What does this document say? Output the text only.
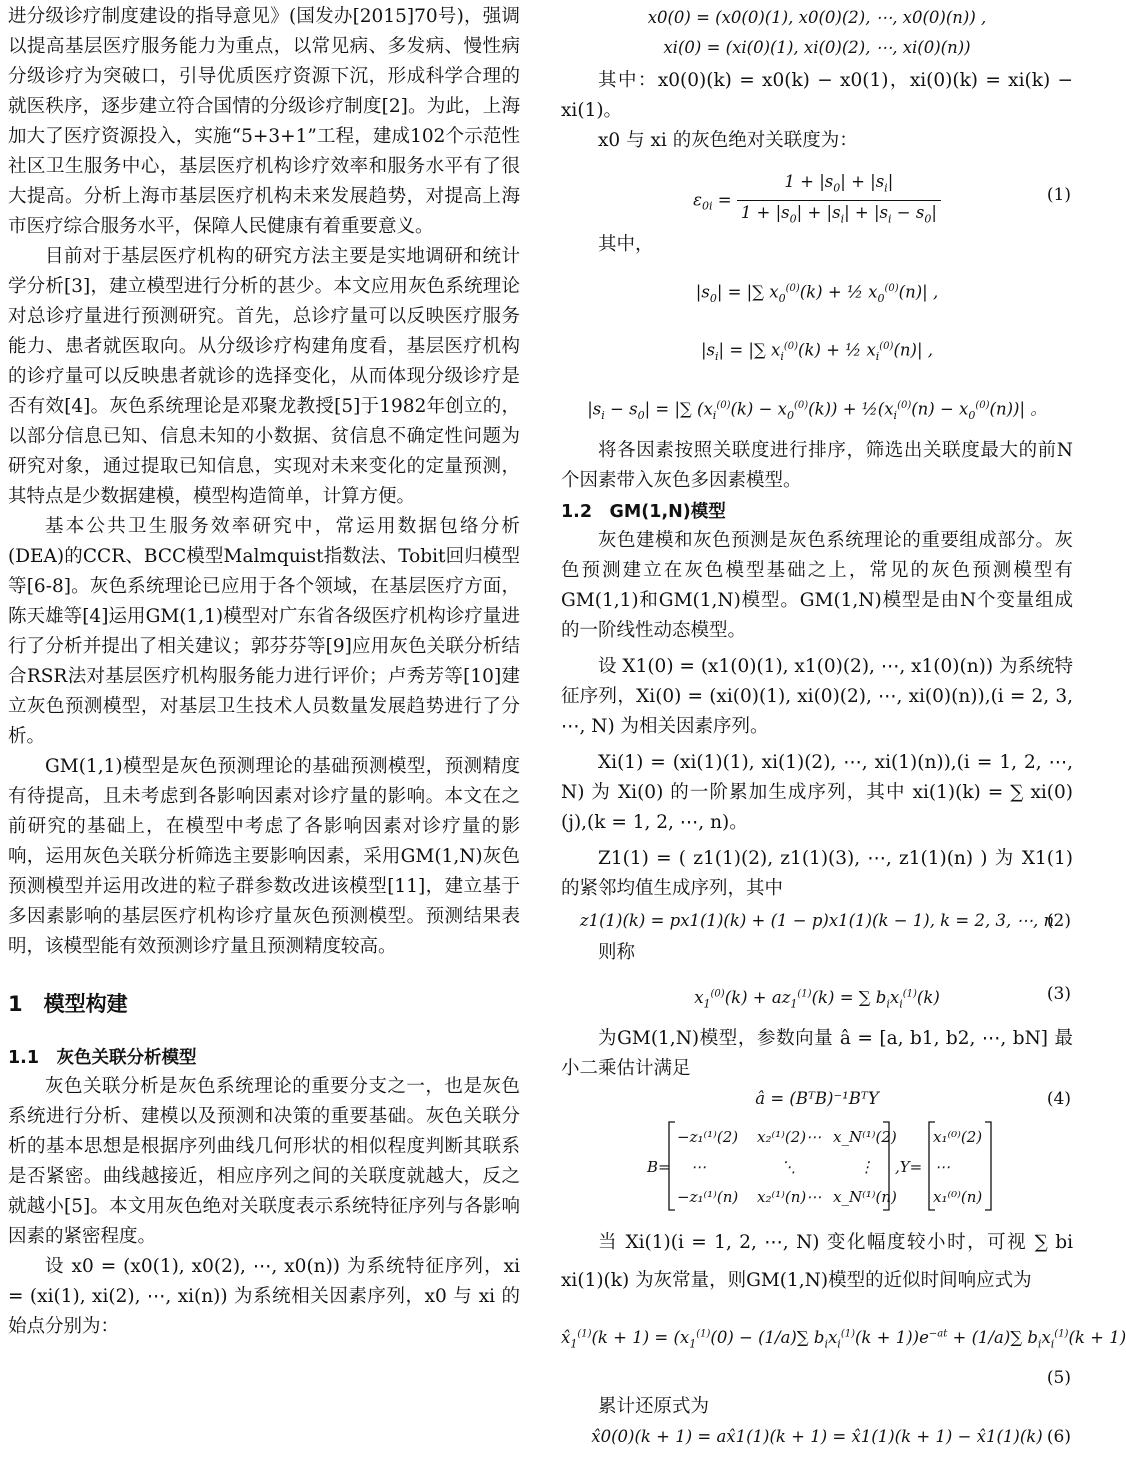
进分级诊疗制度建设的指导意见》(国发办[2015]70号)，强调以提高基层医疗服务能力为重点，以常见病、多发病、慢性病分级诊疗为突破口，引导优质医疗资源下沉，形成科学合理的就医秩序，逐步建立符合国情的分级诊疗制度[2]。为此，上海加大了医疗资源投入，实施“5+3+1”工程，建成102个示范性社区卫生服务中心，基层医疗机构诊疗效率和服务水平有了很大提高。分析上海市基层医疗机构未来发展趋势，对提高上海市医疗综合服务水平，保障人民健康有着重要意义。

目前对于基层医疗机构的研究方法主要是实地调研和统计学分析[3]，建立模型进行分析的甚少。本文应用灰色系统理论对总诊疗量进行预测研究。首先，总诊疗量可以反映医疗服务能力、患者就医取向。从分级诊疗构建角度看，基层医疗机构的诊疗量可以反映患者就诊的选择变化，从而体现分级诊疗是否有效[4]。灰色系统理论是邓聚龙教授[5]于1982年创立的，以部分信息已知、信息未知的小数据、贫信息不确定性问题为研究对象，通过提取已知信息，实现对未来变化的定量预测，其特点是少数据建模，模型构造简单，计算方便。

基本公共卫生服务效率研究中，常运用数据包络分析(DEA)的CCR、BCC模型Malmquist指数法、Tobit回归模型等[6-8]。灰色系统理论已应用于各个领域，在基层医疗方面，陈天雄等[4]运用GM(1,1)模型对广东省各级医疗机构诊疗量进行了分析并提出了相关建议；郭芬芬等[9]应用灰色关联分析结合RSR法对基层医疗机构服务能力进行评价；卢秀芳等[10]建立灰色预测模型，对基层卫生技术人员数量发展趋势进行了分析。

GM(1,1)模型是灰色预测理论的基础预测模型，预测精度有待提高，且未考虑到各影响因素对诊疗量的影响。本文在之前研究的基础上，在模型中考虑了各影响因素对诊疗量的影响，运用灰色关联分析筛选主要影响因素，采用GM(1,N)灰色预测模型并运用改进的粒子群参数改进该模型[11]，建立基于多因素影响的基层医疗机构诊疗量灰色预测模型。预测结果表明，该模型能有效预测诊疗量且预测精度较高。

1　模型构建
1.1　灰色关联分析模型

灰色关联分析是灰色系统理论的重要分支之一，也是灰色系统进行分析、建模以及预测和决策的重要基础。灰色关联分析的基本思想是根据序列曲线几何形状的相似程度判断其联系是否紧密。曲线越接近，相应序列之间的关联度就越大，反之就越小[5]。本文用灰色绝对关联度表示系统特征序列与各影响因素的紧密程度。

设 x0 = (x0(1), x0(2), ⋯, x0(n)) 为系统特征序列，xi = (xi(1), xi(2), ⋯, xi(n)) 为系统相关因素序列，x0 与 xi 的始点分别为：

x0(0) = (x0(0)(1), x0(0)(2), ⋯, x0(0)(n)) ,
xi(0) = (xi(0)(1), xi(0)(2), ⋯, xi(0)(n))

其中：x0(0)(k) = x0(k) − x0(1)，xi(0)(k) = xi(k) − xi(1)。

x0 与 xi 的灰色绝对关联度为：

$\varepsilon_{0i} = \frac{1 + |s_0| + |s_i|}{1 + |s_0| + |s_i| + |s_i - s_0|}$	(1)

其中，

$|s_0|$ = |∑ $x_0^{(0)}(k)$ + ½ $x_0^{(0)}(n)|$ ,
$|s_i|$ = |∑ $x_i^{(0)}(k)$ + ½ $x_i^{(0)}(n)|$ ,
$|s_i - s_0|$ = |∑ $(x_i^{(0)}(k) - x_0^{(0)}(k))$ + $\frac{1}{2}(x_i^{(0)}(n) - x_0^{(0)}(n))|$ 。

将各因素按照关联度进行排序，筛选出关联度最大的前N个因素带入灰色多因素模型。

1.2　GM(1,N)模型

灰色建模和灰色预测是灰色系统理论的重要组成部分。灰色预测建立在灰色模型基础之上，常见的灰色预测模型有GM(1,1)和GM(1,N)模型。GM(1,N)模型是由N个变量组成的一阶线性动态模型。

设 X1(0) = (x1(0)(1), x1(0)(2), ⋯, x1(0)(n)) 为系统特征序列，Xi(0) = (xi(0)(1), xi(0)(2), ⋯, xi(0)(n)),(i = 2, 3, ⋯, N) 为相关因素序列。

Xi(1) = (xi(1)(1), xi(1)(2), ⋯, xi(1)(n)),(i = 1, 2, ⋯, N) 为 Xi(0) 的一阶累加生成序列，其中 xi(1)(k) = ∑ xi(0)(j),(k = 1, 2, ⋯, n)。

Z1(1) = ( z1(1)(2), z1(1)(3), ⋯, z1(1)(n) ) 为 X1(1) 的紧邻均值生成序列，其中

z1(1)(k) = px1(1)(k) + (1 − p)x1(1)(k − 1), k = 2, 3, ⋯, n
(2)

则称

$x_1^{(0)}(k) + az_1^{(1)}(k)$ = ∑ $b_ix_i^{(1)}(k)$	(3)

为GM(1,N)模型，参数向量 â = [a, b1, b2, ⋯, bN] 最小二乘估计满足

â = (BᵀB)⁻¹BᵀY	(4)
B=
−z₁⁽¹⁾(2) x₂⁽¹⁾(2)⋯ x_N⁽¹⁾(2)
⋯	⋱	⋮
−z₁⁽¹⁾(n) x₂⁽¹⁾(n)⋯ x_N⁽¹⁾(n)
,Y=
x₁⁽⁰⁾(2)
⋯
x₁⁽⁰⁾(n)

当 Xi(1)(i = 1, 2, ⋯, N) 变化幅度较小时，可视 ∑ bi xi(1)(k) 为灰常量，则GM(1,N)模型的近似时间响应式为

$x̂_1^{(1)}(k + 1) = (x_1^{(1)}(0) - (1/a)\sum$ $b_ix_i^{(1)}(k + 1))e^{-at} + (1/a)\sum$ $b_ix_i^{(1)}(k + 1)$
(5)

累计还原式为

x̂0(0)(k + 1) = ax̂1(1)(k + 1) = x̂1(1)(k + 1) − x̂1(1)(k) (6)
